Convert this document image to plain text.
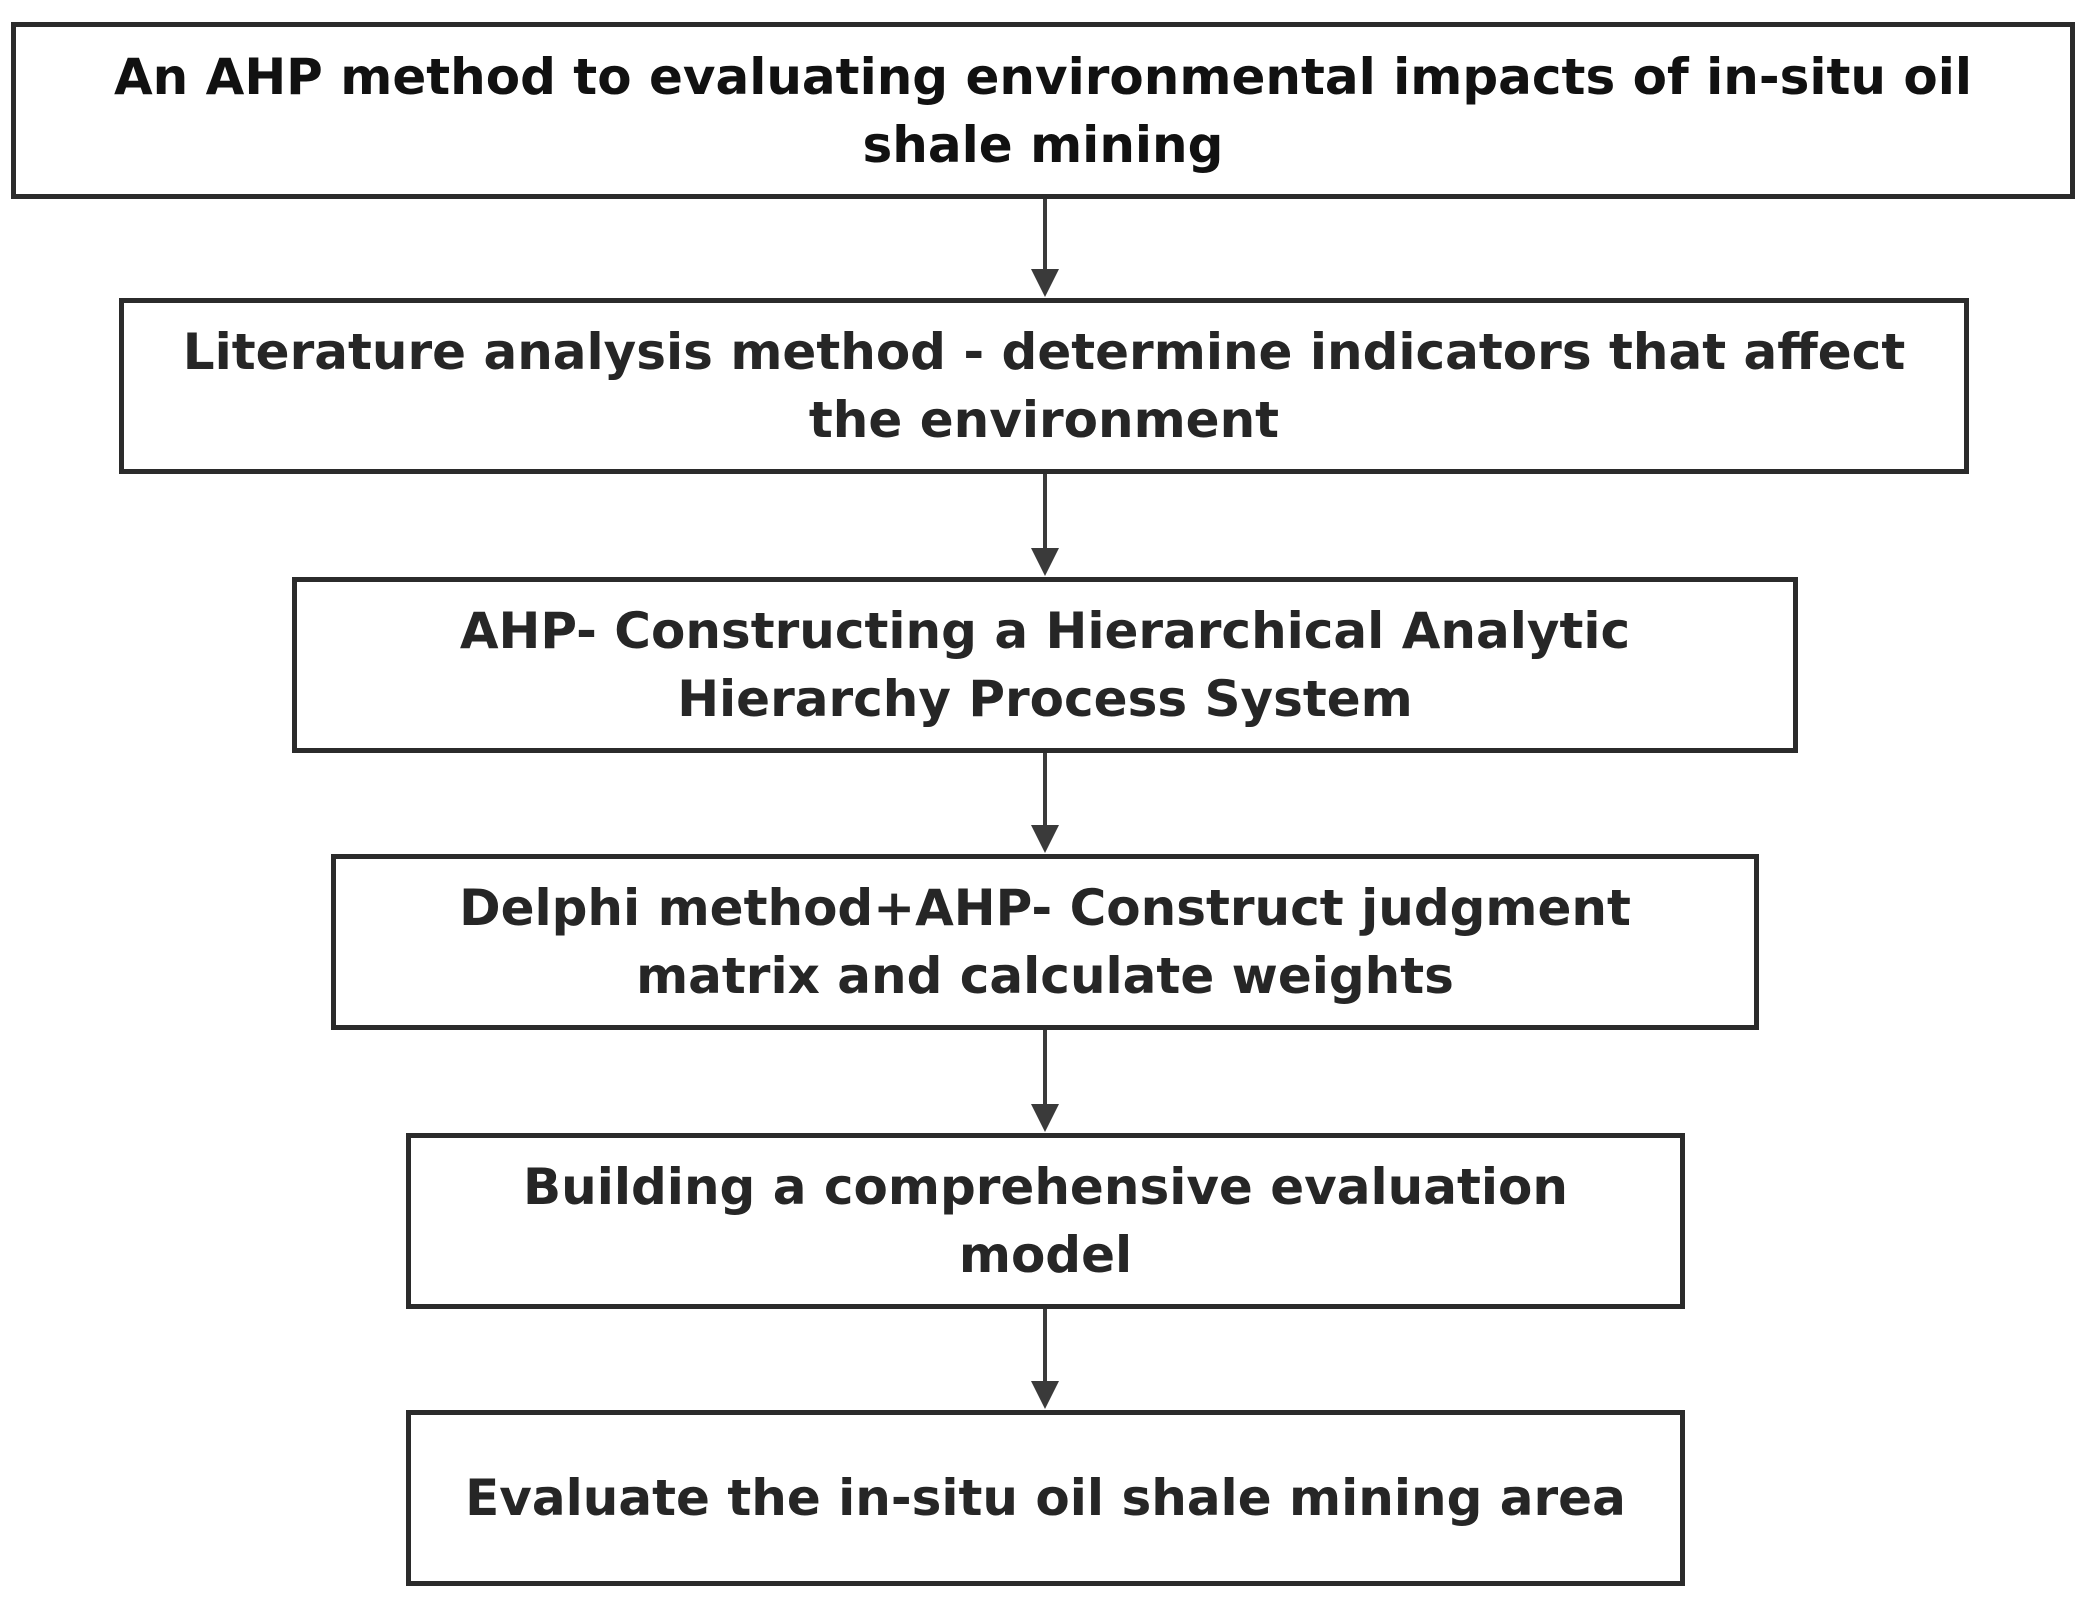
An AHP method to evaluating environmental impacts of in-situ oil shale mining
Literature analysis method - determine indicators that affect the environment
AHP- Constructing a Hierarchical Analytic Hierarchy Process System
Delphi method+AHP- Construct judgment matrix and calculate weights
Building a comprehensive evaluation model
Evaluate the in-situ oil shale mining area
